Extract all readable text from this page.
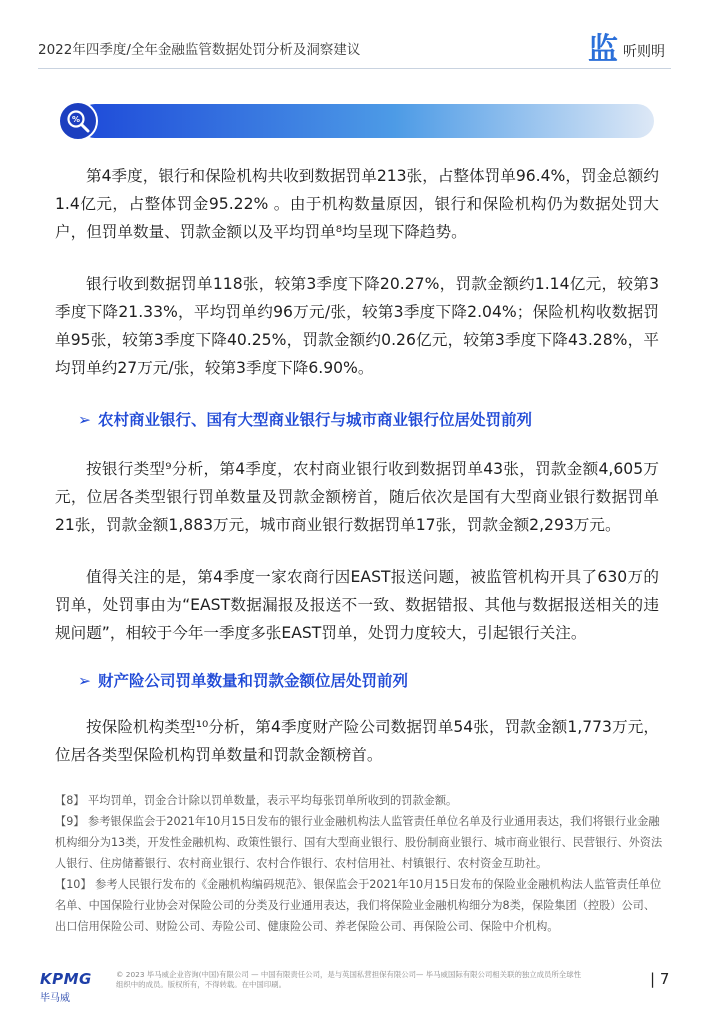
2022年四季度/全年金融监管数据处罚分析及洞察建议	监 听则明
%

第4季度，银行和保险机构共收到数据罚单213张，占整体罚单96.4%，罚金总额约1.4亿元，占整体罚金95.22% 。由于机构数量原因，银行和保险机构仍为数据处罚大户，但罚单数量、罚款金额以及平均罚单⁸均呈现下降趋势。

银行收到数据罚单118张，较第3季度下降20.27%，罚款金额约1.14亿元，较第3季度下降21.33%，平均罚单约96万元/张，较第3季度下降2.04%；保险机构收数据罚单95张，较第3季度下降40.25%，罚款金额约0.26亿元，较第3季度下降43.28%，平均罚单约27万元/张，较第3季度下降6.90%。

➢ 农村商业银行、国有大型商业银行与城市商业银行位居处罚前列

按银行类型⁹分析，第4季度，农村商业银行收到数据罚单43张，罚款金额4,605万元，位居各类型银行罚单数量及罚款金额榜首，随后依次是国有大型商业银行数据罚单21张，罚款金额1,883万元，城市商业银行数据罚单17张，罚款金额2,293万元。

值得关注的是，第4季度一家农商行因EAST报送问题，被监管机构开具了630万的罚单，处罚事由为“EAST数据漏报及报送不一致、数据错报、其他与数据报送相关的违规问题”，相较于今年一季度多张EAST罚单，处罚力度较大，引起银行关注。

➢ 财产险公司罚单数量和罚款金额位居处罚前列

按保险机构类型¹⁰分析，第4季度财产险公司数据罚单54张，罚款金额1,773万元，位居各类型保险机构罚单数量和罚款金额榜首。

【8】 平均罚单，罚金合计除以罚单数量，表示平均每张罚单所收到的罚款金额。

【9】 参考银保监会于2021年10月15日发布的银行业金融机构法人监管责任单位名单及行业通用表达，我们将银行业金融机构细分为13类，开发性金融机构、政策性银行、国有大型商业银行、股份制商业银行、城市商业银行、民营银行、外资法人银行、住房储蓄银行、农村商业银行、农村合作银行、农村信用社、村镇银行、农村资金互助社。

【10】 参考人民银行发布的《金融机构编码规范》、银保监会于2021年10月15日发布的保险业金融机构法人监管责任单位名单、中国保险行业协会对保险公司的分类及行业通用表达，我们将保险业金融机构细分为8类，保险集团（控股）公司、出口信用保险公司、财险公司、寿险公司、健康险公司、养老保险公司、再保险公司、保险中介机构。

KPMG
毕马威
© 2023 毕马威企业咨询(中国)有限公司 — 中国有限责任公司，是与英国私营担保有限公司— 毕马威国际有限公司相关联的独立成员所全球性组织中的成员。版权所有，不得转载。在中国印刷。	| 7
